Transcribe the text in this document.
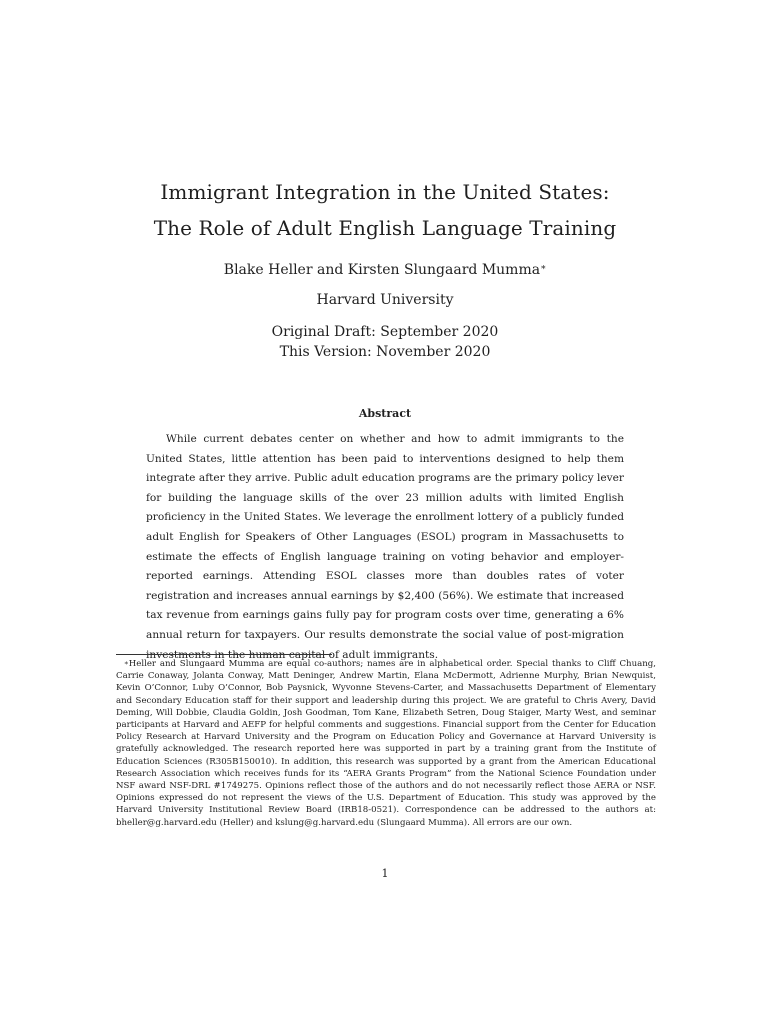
Immigrant Integration in the United States:
The Role of Adult English Language Training
Blake Heller and Kirsten Slungaard Mumma∗
Harvard University
Original Draft: September 2020
This Version: November 2020
Abstract
While current debates center on whether and how to admit immigrants to the United States, little attention has been paid to interventions designed to help them integrate after they arrive. Public adult education programs are the primary policy lever for building the language skills of the over 23 million adults with limited English proficiency in the United States. We leverage the enrollment lottery of a publicly funded adult English for Speakers of Other Languages (ESOL) program in Massachusetts to estimate the effects of English language training on voting behavior and employer-reported earnings. Attending ESOL classes more than doubles rates of voter registration and increases annual earnings by $2,400 (56%). We estimate that increased tax revenue from earnings gains fully pay for program costs over time, generating a 6% annual return for taxpayers. Our results demonstrate the social value of post-migration investments in the human capital of adult immigrants.
∗Heller and Slungaard Mumma are equal co-authors; names are in alphabetical order. Special thanks to Cliff Chuang, Carrie Conaway, Jolanta Conway, Matt Deninger, Andrew Martin, Elana McDermott, Adrienne Murphy, Brian Newquist, Kevin O’Connor, Luby O’Connor, Bob Paysnick, Wyvonne Stevens-Carter, and Massachusetts Department of Elementary and Secondary Education staff for their support and leadership during this project. We are grateful to Chris Avery, David Deming, Will Dobbie, Claudia Goldin, Josh Goodman, Tom Kane, Elizabeth Setren, Doug Staiger, Marty West, and seminar participants at Harvard and AEFP for helpful comments and suggestions. Financial support from the Center for Education Policy Research at Harvard University and the Program on Education Policy and Governance at Harvard University is gratefully acknowledged. The research reported here was supported in part by a training grant from the Institute of Education Sciences (R305B150010). In addition, this research was supported by a grant from the American Educational Research Association which receives funds for its “AERA Grants Program” from the National Science Foundation under NSF award NSF-DRL #1749275. Opinions reflect those of the authors and do not necessarily reflect those AERA or NSF. Opinions expressed do not represent the views of the U.S. Department of Education. This study was approved by the Harvard University Institutional Review Board (IRB18-0521). Correspondence can be addressed to the authors at: bheller@g.harvard.edu (Heller) and kslung@g.harvard.edu (Slungaard Mumma). All errors are our own.
1
